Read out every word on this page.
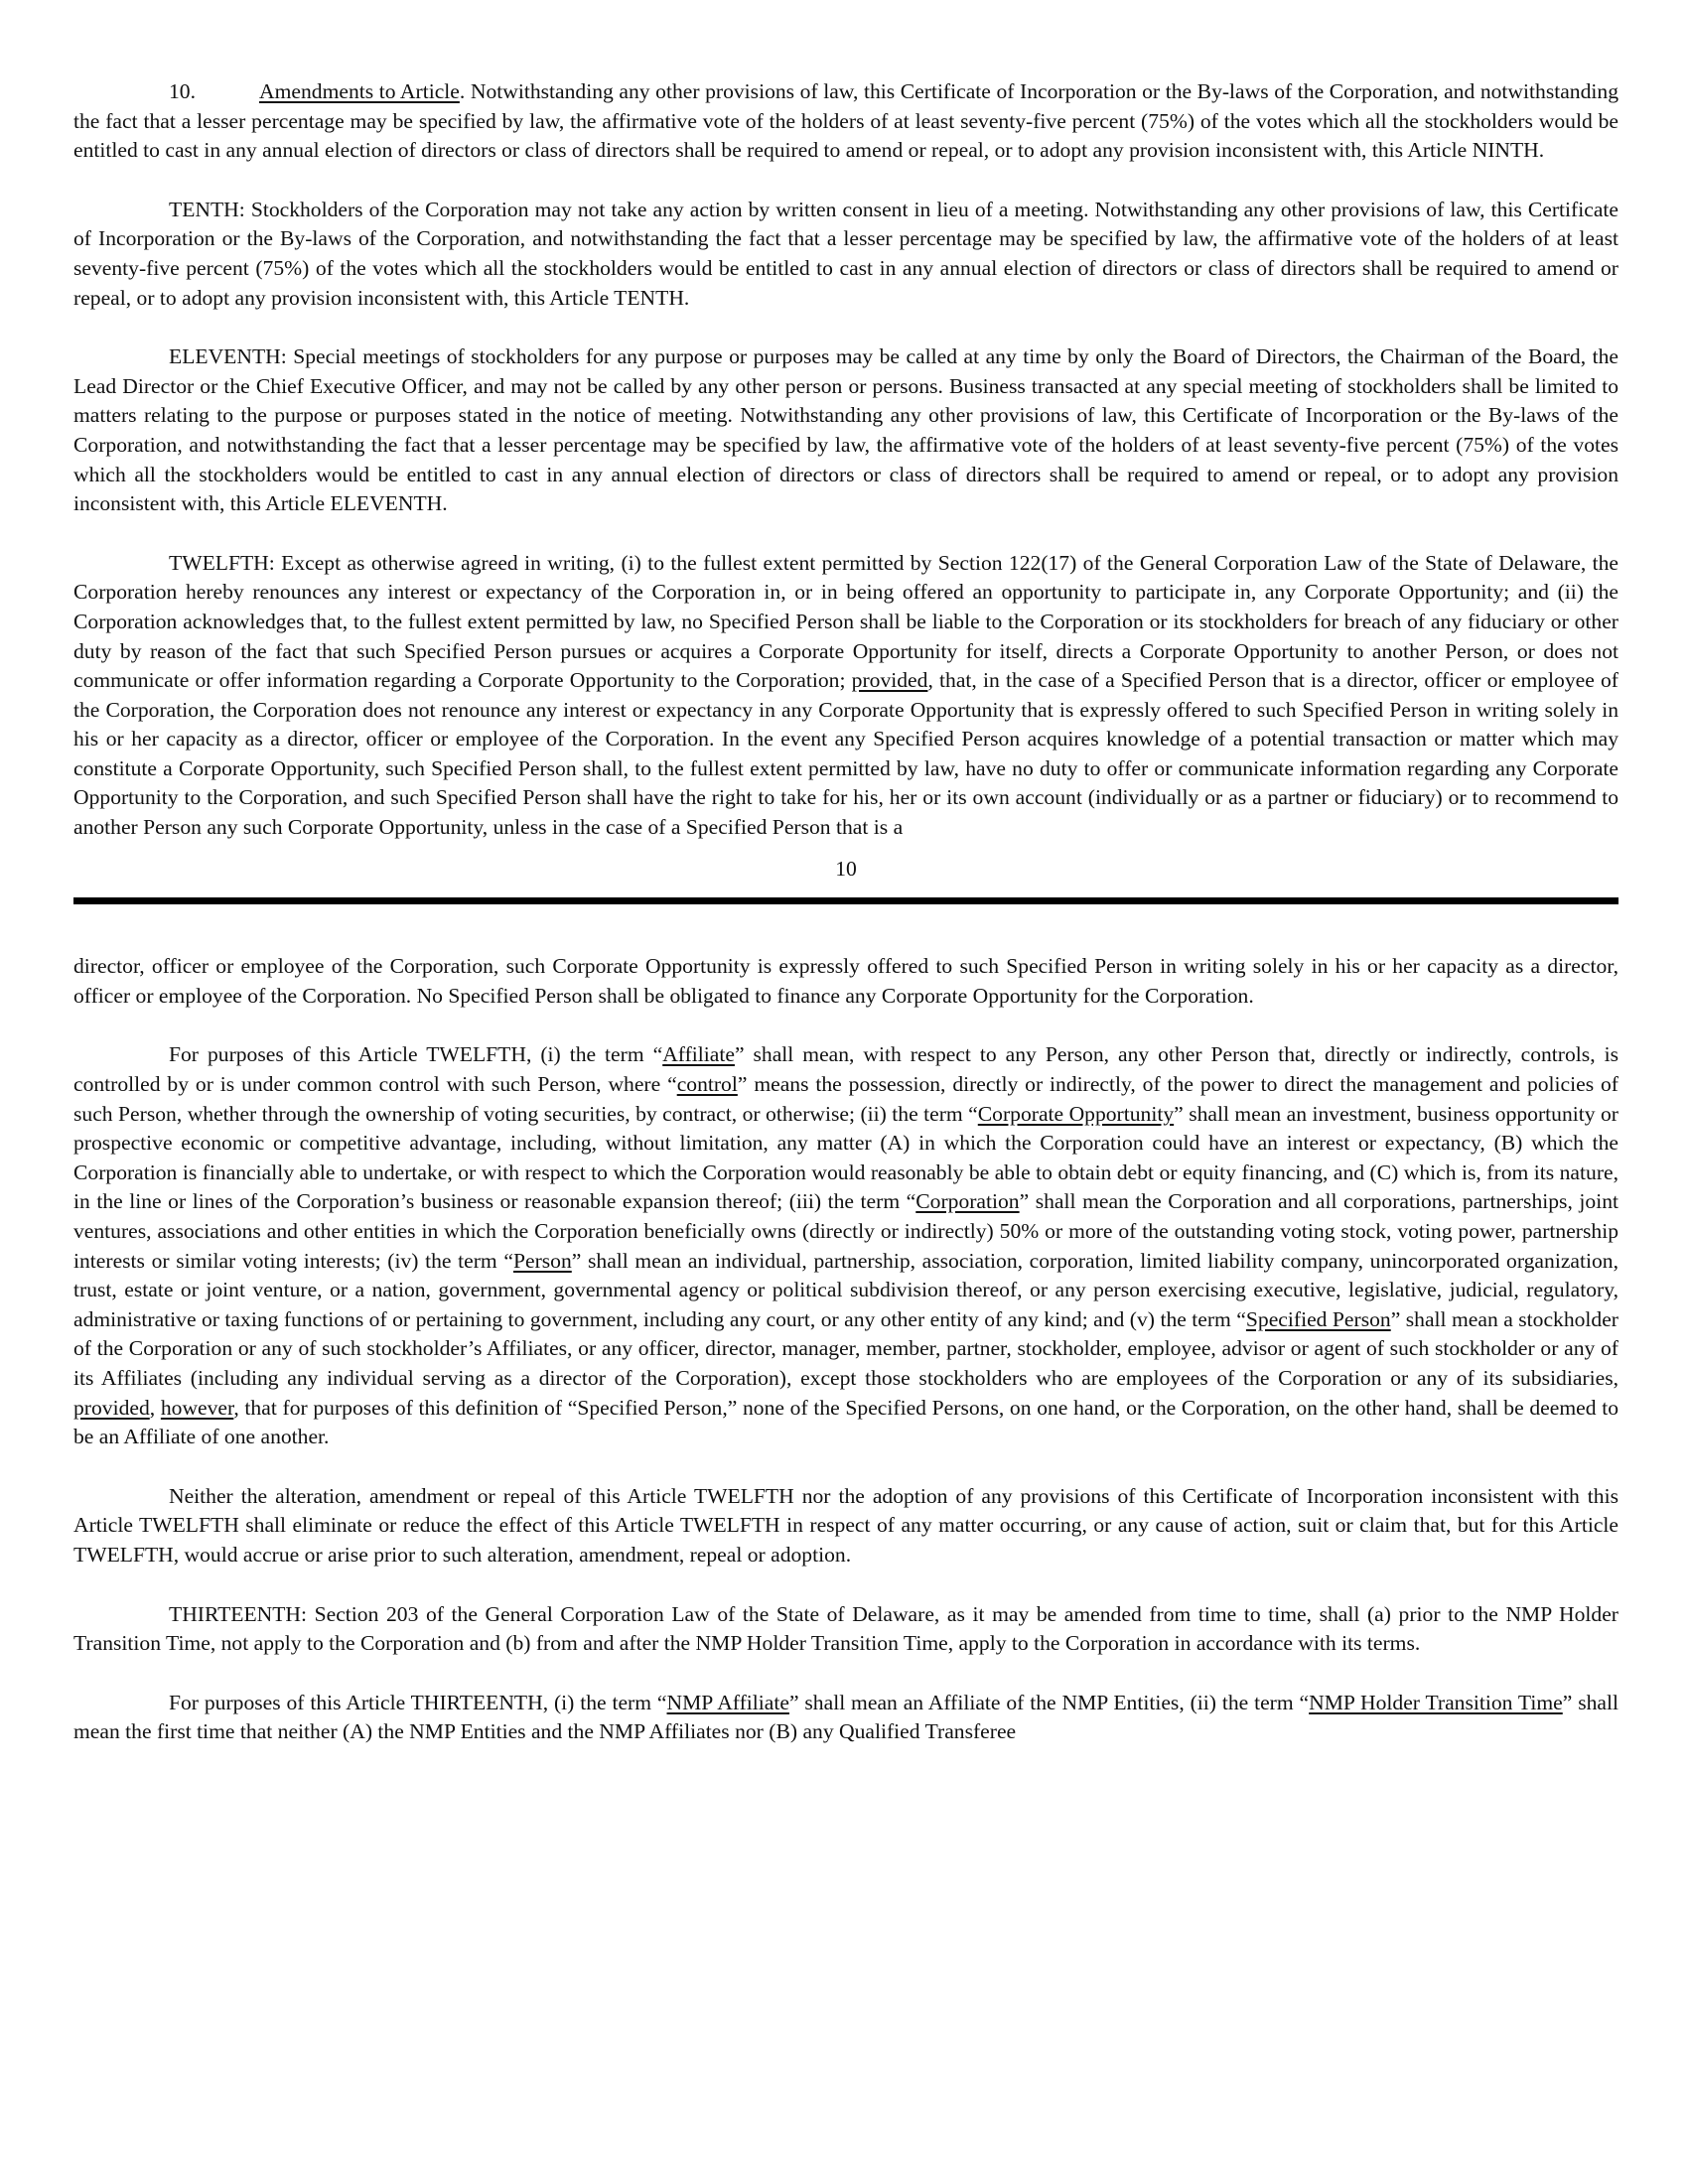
10.	Amendments to Article. Notwithstanding any other provisions of law, this Certificate of Incorporation or the By-laws of the Corporation, and notwithstanding the fact that a lesser percentage may be specified by law, the affirmative vote of the holders of at least seventy-five percent (75%) of the votes which all the stockholders would be entitled to cast in any annual election of directors or class of directors shall be required to amend or repeal, or to adopt any provision inconsistent with, this Article NINTH.

TENTH: Stockholders of the Corporation may not take any action by written consent in lieu of a meeting. Notwithstanding any other provisions of law, this Certificate of Incorporation or the By-laws of the Corporation, and notwithstanding the fact that a lesser percentage may be specified by law, the affirmative vote of the holders of at least seventy-five percent (75%) of the votes which all the stockholders would be entitled to cast in any annual election of directors or class of directors shall be required to amend or repeal, or to adopt any provision inconsistent with, this Article TENTH.

ELEVENTH: Special meetings of stockholders for any purpose or purposes may be called at any time by only the Board of Directors, the Chairman of the Board, the Lead Director or the Chief Executive Officer, and may not be called by any other person or persons. Business transacted at any special meeting of stockholders shall be limited to matters relating to the purpose or purposes stated in the notice of meeting. Notwithstanding any other provisions of law, this Certificate of Incorporation or the By-laws of the Corporation, and notwithstanding the fact that a lesser percentage may be specified by law, the affirmative vote of the holders of at least seventy-five percent (75%) of the votes which all the stockholders would be entitled to cast in any annual election of directors or class of directors shall be required to amend or repeal, or to adopt any provision inconsistent with, this Article ELEVENTH.

TWELFTH: Except as otherwise agreed in writing, (i) to the fullest extent permitted by Section 122(17) of the General Corporation Law of the State of Delaware, the Corporation hereby renounces any interest or expectancy of the Corporation in, or in being offered an opportunity to participate in, any Corporate Opportunity; and (ii) the Corporation acknowledges that, to the fullest extent permitted by law, no Specified Person shall be liable to the Corporation or its stockholders for breach of any fiduciary or other duty by reason of the fact that such Specified Person pursues or acquires a Corporate Opportunity for itself, directs a Corporate Opportunity to another Person, or does not communicate or offer information regarding a Corporate Opportunity to the Corporation; provided, that, in the case of a Specified Person that is a director, officer or employee of the Corporation, the Corporation does not renounce any interest or expectancy in any Corporate Opportunity that is expressly offered to such Specified Person in writing solely in his or her capacity as a director, officer or employee of the Corporation. In the event any Specified Person acquires knowledge of a potential transaction or matter which may constitute a Corporate Opportunity, such Specified Person shall, to the fullest extent permitted by law, have no duty to offer or communicate information regarding any Corporate Opportunity to the Corporation, and such Specified Person shall have the right to take for his, her or its own account (individually or as a partner or fiduciary) or to recommend to another Person any such Corporate Opportunity, unless in the case of a Specified Person that is a

10

director, officer or employee of the Corporation, such Corporate Opportunity is expressly offered to such Specified Person in writing solely in his or her capacity as a director, officer or employee of the Corporation. No Specified Person shall be obligated to finance any Corporate Opportunity for the Corporation.

For purposes of this Article TWELFTH, (i) the term “Affiliate” shall mean, with respect to any Person, any other Person that, directly or indirectly, controls, is controlled by or is under common control with such Person, where “control” means the possession, directly or indirectly, of the power to direct the management and policies of such Person, whether through the ownership of voting securities, by contract, or otherwise; (ii) the term “Corporate Opportunity” shall mean an investment, business opportunity or prospective economic or competitive advantage, including, without limitation, any matter (A) in which the Corporation could have an interest or expectancy, (B) which the Corporation is financially able to undertake, or with respect to which the Corporation would reasonably be able to obtain debt or equity financing, and (C) which is, from its nature, in the line or lines of the Corporation’s business or reasonable expansion thereof; (iii) the term “Corporation” shall mean the Corporation and all corporations, partnerships, joint ventures, associations and other entities in which the Corporation beneficially owns (directly or indirectly) 50% or more of the outstanding voting stock, voting power, partnership interests or similar voting interests; (iv) the term “Person” shall mean an individual, partnership, association, corporation, limited liability company, unincorporated organization, trust, estate or joint venture, or a nation, government, governmental agency or political subdivision thereof, or any person exercising executive, legislative, judicial, regulatory, administrative or taxing functions of or pertaining to government, including any court, or any other entity of any kind; and (v) the term “Specified Person” shall mean a stockholder of the Corporation or any of such stockholder’s Affiliates, or any officer, director, manager, member, partner, stockholder, employee, advisor or agent of such stockholder or any of its Affiliates (including any individual serving as a director of the Corporation), except those stockholders who are employees of the Corporation or any of its subsidiaries, provided, however, that for purposes of this definition of “Specified Person,” none of the Specified Persons, on one hand, or the Corporation, on the other hand, shall be deemed to be an Affiliate of one another.

Neither the alteration, amendment or repeal of this Article TWELFTH nor the adoption of any provisions of this Certificate of Incorporation inconsistent with this Article TWELFTH shall eliminate or reduce the effect of this Article TWELFTH in respect of any matter occurring, or any cause of action, suit or claim that, but for this Article TWELFTH, would accrue or arise prior to such alteration, amendment, repeal or adoption.

THIRTEENTH: Section 203 of the General Corporation Law of the State of Delaware, as it may be amended from time to time, shall (a) prior to the NMP Holder Transition Time, not apply to the Corporation and (b) from and after the NMP Holder Transition Time, apply to the Corporation in accordance with its terms.

For purposes of this Article THIRTEENTH, (i) the term “NMP Affiliate” shall mean an Affiliate of the NMP Entities, (ii) the term “NMP Holder Transition Time” shall mean the first time that neither (A) the NMP Entities and the NMP Affiliates nor (B) any Qualified Transferee
